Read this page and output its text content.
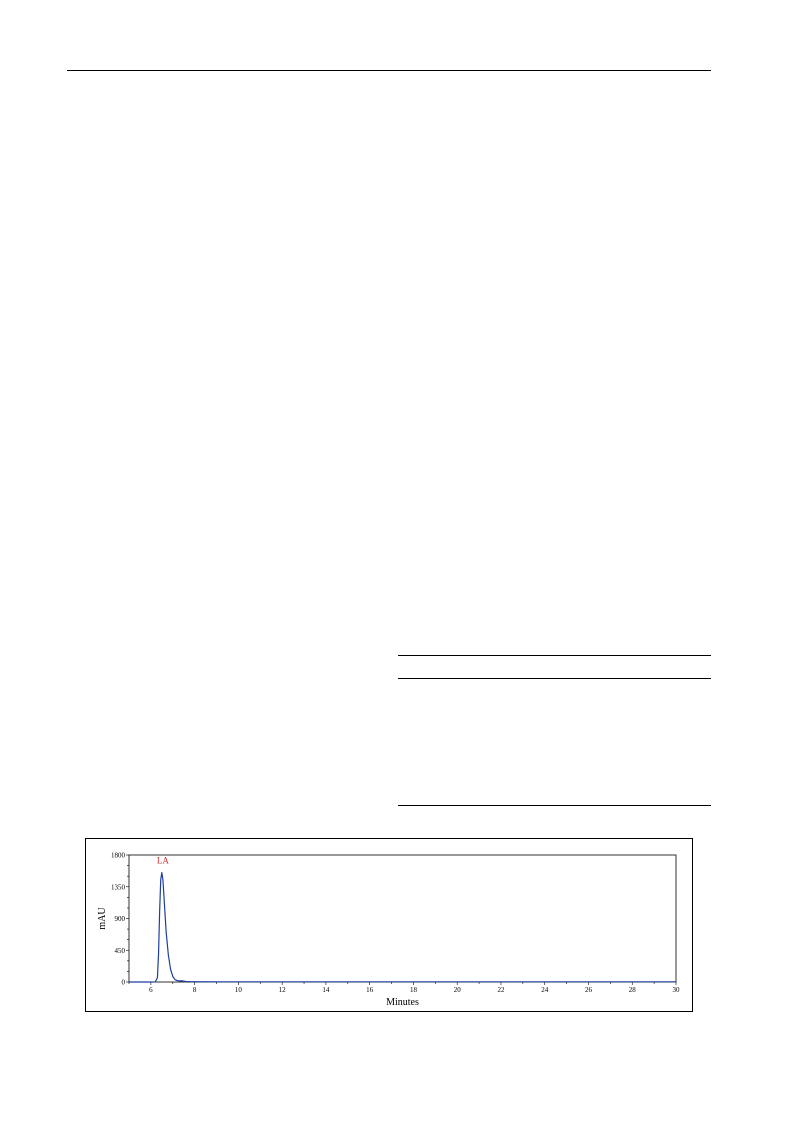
6	8	10	12	14	16	18	20	22	24	26	28	30
0
450
900
1350
1800
LA
Minutes
mAU
